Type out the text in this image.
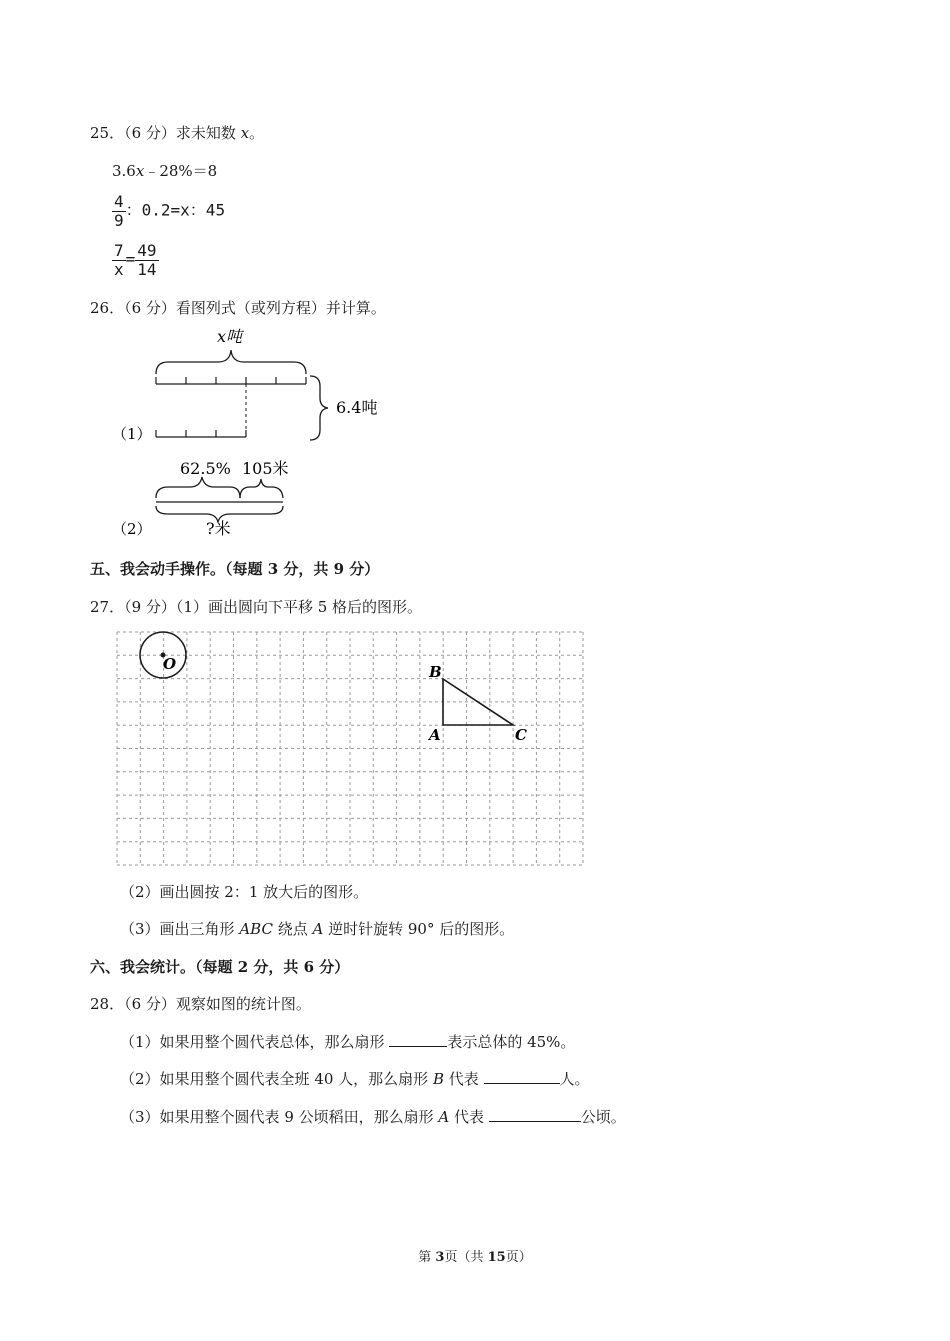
25．（6 分）求未知数 x。
3.6x﹣28%＝8
$\frac{4}{9}$ ：0.2=x：45
$\frac{7}{x} = \frac{49}{14}$
26．（6 分）看图列式（或列方程）并计算。
x吨
6.4吨
（1）
62.5% 105米
?米
（2）
五、我会动手操作。（每题 3 分，共 9 分）
27．（9 分）（1）画出圆向下平移 5 格后的图形。
O	B
A	C
（2）画出圆按 2：1 放大后的图形。
（3）画出三角形 ABC 绕点 A 逆时针旋转 90° 后的图形。
六、我会统计。（每题 2 分，共 6 分）
28．（6 分）观察如图的统计图。
（1）如果用整个圆代表总体，那么扇形	表示总体的 45%。
（2）如果用整个圆代表全班 40 人，那么扇形 B 代表	人。
（3）如果用整个圆代表 9 公顷稻田，那么扇形 A 代表	公顷。
第 3页（共 15页）
